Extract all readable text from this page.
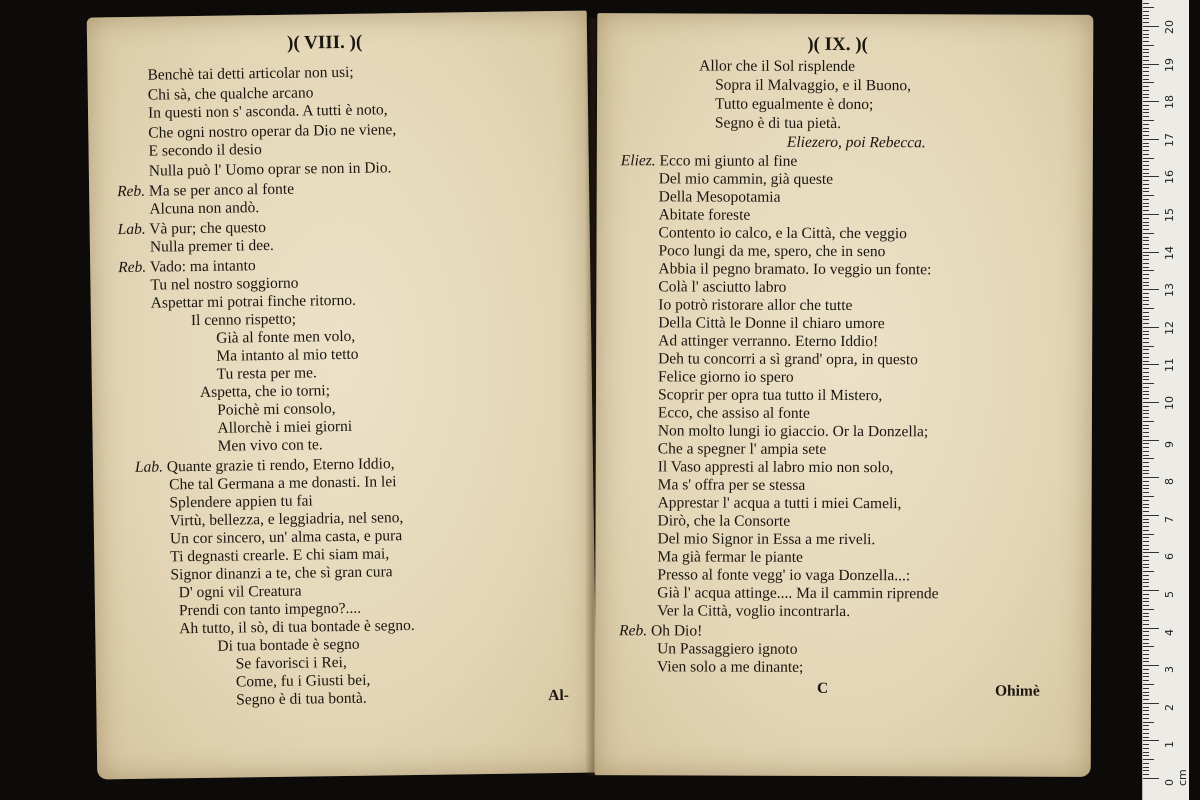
)( VIII. )(
Benchè tai detti articolar non usi;
Chi sà, che qualche arcano
In questi non s' asconda. A tutti è noto,
Che ogni nostro operar da Dio ne viene,
E secondo il desio
Nulla può l' Uomo oprar se non in Dio.
Reb. Ma se per anco al fonte
Alcuna non andò.
Lab. Và pur; che questo
Nulla premer ti dee.
Reb. Vado: ma intanto
Tu nel nostro soggiorno
Aspettar mi potrai finche ritorno.
Il cenno rispetto;
Già al fonte men volo,
Ma intanto al mio tetto
Tu resta per me.
Aspetta, che io torni;
Poichè mi consolo,
Allorchè i miei giorni
Men vivo con te.
Lab. Quante grazie ti rendo, Eterno Iddio,
Che tal Germana a me donasti. In lei
Splendere appien tu fai
Virtù, bellezza, e leggiadria, nel seno,
Un cor sincero, un' alma casta, e pura
Ti degnasti crearle. E chi siam mai,
Signor dinanzi a te, che sì gran cura
D' ogni vil Creatura
Prendi con tanto impegno?....
Ah tutto, il sò, di tua bontade è segno.
Di tua bontade è segno
Se favorisci i Rei,
Come, fu i Giusti bei,
Segno è di tua bontà.	Al-
)( IX. )(
Allor che il Sol risplende
Sopra il Malvaggio, e il Buono,
Tutto egualmente è dono;
Segno è di tua pietà.
Eliezero, poi Rebecca.
Eliez. Ecco mi giunto al fine
Del mio cammin, già queste
Della Mesopotamia
Abitate foreste
Contento io calco, e la Città, che veggio
Poco lungi da me, spero, che in seno
Abbia il pegno bramato. Io veggio un fonte:
Colà l' asciutto labro
Io potrò ristorare allor che tutte
Della Città le Donne il chiaro umore
Ad attinger verranno. Eterno Iddio!
Deh tu concorri a sì grand' opra, in questo
Felice giorno io spero
Scoprir per opra tua tutto il Mistero,
Ecco, che assiso al fonte
Non molto lungi io giaccio. Or la Donzella;
Che a spegner l' ampia sete
Il Vaso appresti al labro mio non solo,
Ma s' offra per se stessa
Apprestar l' acqua a tutti i miei Cameli,
Dirò, che la Consorte
Del mio Signor in Essa a me riveli.
Ma già fermar le piante
Presso al fonte vegg' io vaga Donzella...:
Già l' acqua attinge.... Ma il cammin riprende
Ver la Città, voglio incontrarla.
Reb. Oh Dio!
Un Passaggiero ignoto
Vien solo a me dinante;
C	Ohimè
0 cm
1
2
3
4
5
6
7
8
9
10
11
12
13
14
15
16
17
18
19
20
